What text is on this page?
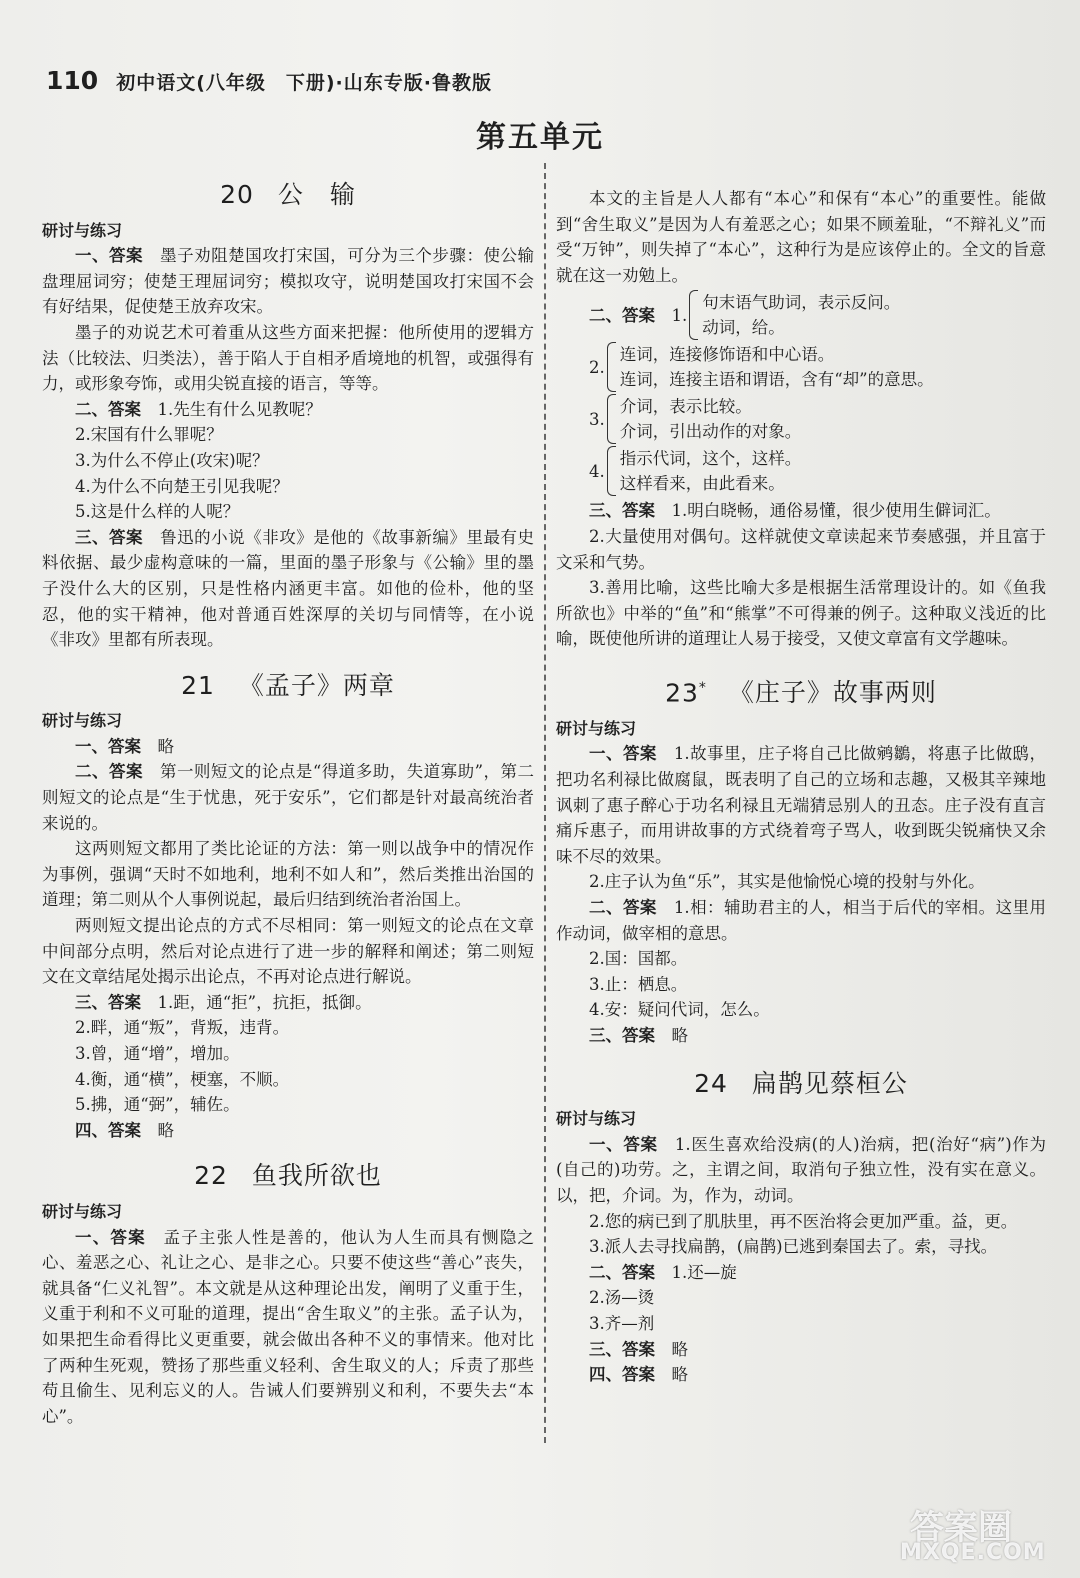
110 初中语文(八年级　下册)·山东专版·鲁教版
第五单元
20 公　输
研讨与练习

一、答案　 墨子劝阻楚国攻打宋国，可分为三个步骤：使公输盘理屈词穷；使楚王理屈词穷；模拟攻守，说明楚国攻打宋国不会有好结果，促使楚王放弃攻宋。

墨子的劝说艺术可着重从这些方面来把握：他所使用的逻辑方法（比较法、归类法），善于陷人于自相矛盾境地的机智，或强得有力，或形象夸饰，或用尖锐直接的语言，等等。

二、答案　 1.先生有什么见教呢？

2.宋国有什么罪呢？

3.为什么不停止(攻宋)呢？

4.为什么不向楚王引见我呢？

5.这是什么样的人呢？

三、答案　 鲁迅的小说《非攻》是他的《故事新编》里最有史料依据、最少虚构意味的一篇，里面的墨子形象与《公输》里的墨子没什么大的区别，只是性格内涵更丰富。如他的俭朴，他的坚忍，他的实干精神，他对普通百姓深厚的关切与同情等，在小说《非攻》里都有所表现。

21 《孟子》两章
研讨与练习

一、答案　 略

二、答案　 第一则短文的论点是“得道多助，失道寡助”，第二则短文的论点是“生于忧患，死于安乐”，它们都是针对最高统治者来说的。

这两则短文都用了类比论证的方法：第一则以战争中的情况作为事例，强调“天时不如地利，地利不如人和”，然后类推出治国的道理；第二则从个人事例说起，最后归结到统治者治国上。

两则短文提出论点的方式不尽相同：第一则短文的论点在文章中间部分点明，然后对论点进行了进一步的解释和阐述；第二则短文在文章结尾处揭示出论点，不再对论点进行解说。

三、答案　 1.距，通“拒”，抗拒，抵御。

2.畔，通“叛”，背叛，违背。

3.曾，通“增”，增加。

4.衡，通“横”，梗塞，不顺。

5.拂，通“弼”，辅佐。

四、答案　 略

22 鱼我所欲也
研讨与练习

一、答案　 孟子主张人性是善的，他认为人生而具有恻隐之心、羞恶之心、礼让之心、是非之心。只要不使这些“善心”丧失，就具备“仁义礼智”。本文就是从这种理论出发，阐明了义重于生，义重于利和不义可耻的道理，提出“舍生取义”的主张。孟子认为，如果把生命看得比义更重要，就会做出各种不义的事情来。他对比了两种生死观，赞扬了那些重义轻利、舍生取义的人；斥责了那些苟且偷生、见利忘义的人。告诫人们要辨别义和利，不要失去“本心”。

本文的主旨是人人都有“本心”和保有“本心”的重要性。能做到“舍生取义”是因为人有羞恶之心；如果不顾羞耻，“不辩礼义”而受“万钟”，则失掉了“本心”，这种行为是应该停止的。全文的旨意就在这一劝勉上。

二、答案　 1.
句末语气助词，表示反问。
动词，给。
2.
连词，连接修饰语和中心语。
连词，连接主语和谓语，含有“却”的意思。
3.
介词，表示比较。
介词，引出动作的对象。
4.
指示代词，这个，这样。
这样看来，由此看来。

三、答案　 1.明白晓畅，通俗易懂，很少使用生僻词汇。

2.大量使用对偶句。这样就使文章读起来节奏感强，并且富于文采和气势。

3.善用比喻，这些比喻大多是根据生活常理设计的。如《鱼我所欲也》中举的“鱼”和“熊掌”不可得兼的例子。这种取义浅近的比喻，既使他所讲的道理让人易于接受，又使文章富有文学趣味。

23* 《庄子》故事两则
研讨与练习

一、答案　 1.故事里，庄子将自己比做鹓鶵，将惠子比做鸱，把功名利禄比做腐鼠，既表明了自己的立场和志趣，又极其辛辣地讽刺了惠子醉心于功名利禄且无端猜忌别人的丑态。庄子没有直言痛斥惠子，而用讲故事的方式绕着弯子骂人，收到既尖锐痛快又余味不尽的效果。

2.庄子认为鱼“乐”，其实是他愉悦心境的投射与外化。

二、答案　 1.相：辅助君主的人，相当于后代的宰相。这里用作动词，做宰相的意思。

2.国：国都。

3.止：栖息。

4.安：疑问代词，怎么。

三、答案　 略

24 扁鹊见蔡桓公
研讨与练习

一、答案　 1.医生喜欢给没病(的人)治病，把(治好“病”)作为(自己的)功劳。之，主谓之间，取消句子独立性，没有实在意义。以，把，介词。为，作为，动词。

2.您的病已到了肌肤里，再不医治将会更加严重。益，更。

3.派人去寻找扁鹊，(扁鹊)已逃到秦国去了。索，寻找。

二、答案　 1.还—旋

2.汤—烫

3.齐—剂

三、答案　 略

四、答案　 略

答案圈
MXQE.COM
